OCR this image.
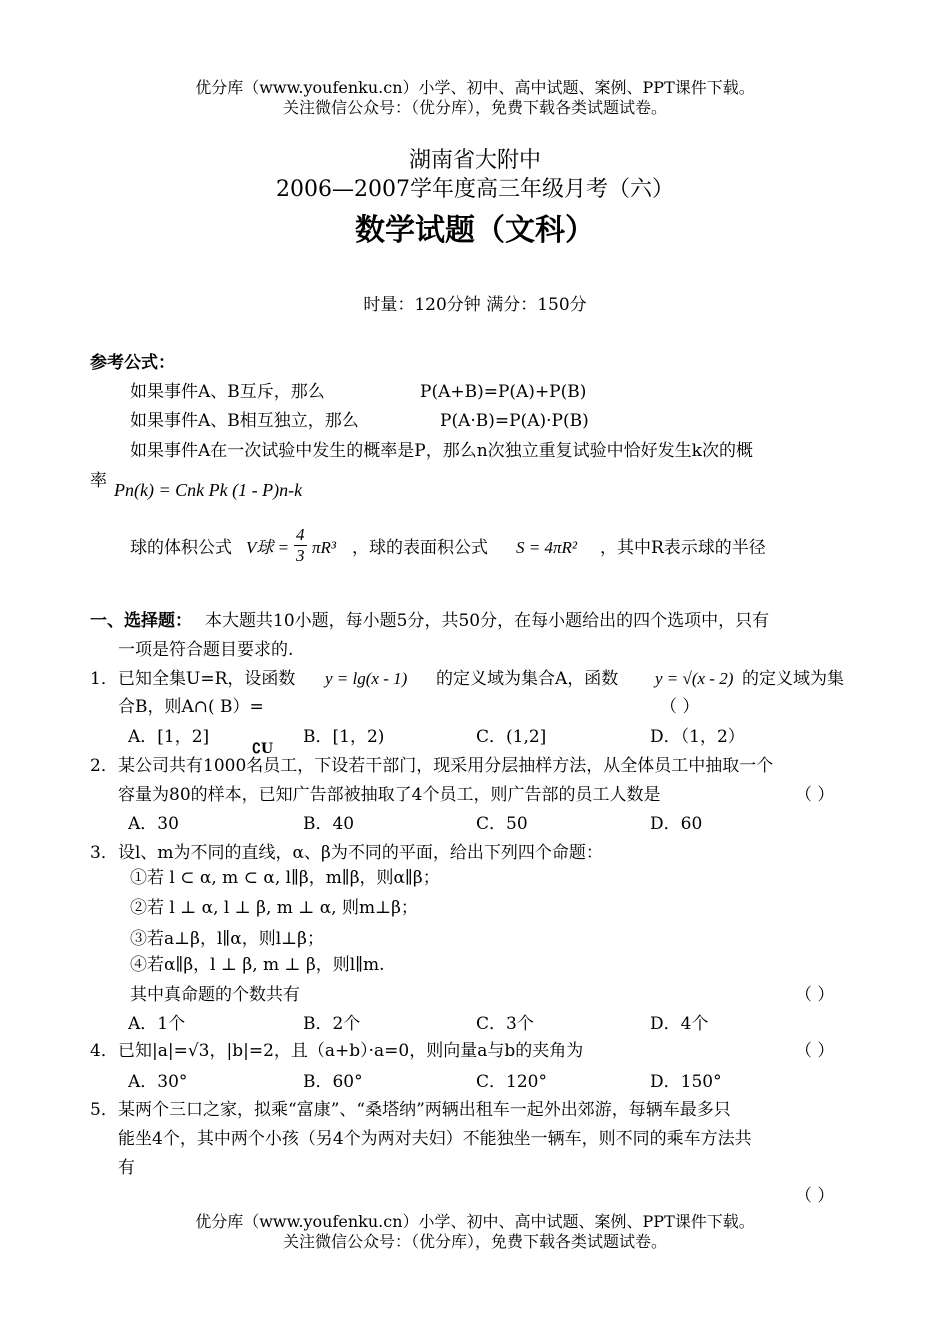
优分库（www.youfenku.cn）小学、初中、高中试题、案例、PPT课件下载。
关注微信公众号：（优分库），免费下载各类试题试卷。
湖南省大附中
2006—2007学年度高三年级月考（六）
数学试题（文科）
时量：120分钟 满分：150分
参考公式：
如果事件A、B互斥，那么	P(A+B)=P(A)+P(B)
如果事件A、B相互独立，那么	P(A·B)=P(A)·P(B)
如果事件A在一次试验中发生的概率是P，那么n次独立重复试验中恰好发生k次的概
率 Pn(k) = Cnk Pk (1 - P)n-k
球的体积公式 V球 = $\frac{4}{3} \pi R^3$ ，球的表面积公式 S = 4πR² ，其中R表示球的半径
一、选择题： 本大题共10小题，每小题5分，共50分，在每小题给出的四个选项中，只有
一项是符合题目要求的.
1． 已知全集U=R，设函数 y = lg(x - 1) 的定义域为集合A，函数 y = √(x - 2) 的定义域为集
合B，则A∩( B）=	（ ）
A．[1，2]	B．[1，2)	C．(1,2]	D．（1，2）
∁U
2． 某公司共有1000名员工，下设若干部门，现采用分层抽样方法，从全体员工中抽取一个
容量为80的样本，已知广告部被抽取了4个员工，则广告部的员工人数是	（ ）
A．30	B．40	C．50	D．60
3． 设l、m为不同的直线，α、β为不同的平面，给出下列四个命题：
①若 l ⊂ α, m ⊂ α, l∥β，m∥β，则α∥β；
②若 l ⊥ α, l ⊥ β, m ⊥ α, 则m⊥β；
③若a⊥β，l∥α，则l⊥β；
④若α∥β，l ⊥ β, m ⊥ β，则l∥m.
其中真命题的个数共有	（ ）
A．1个	B．2个	C．3个	D．4个
4． 已知|a|=√3，|b|=2，且（a+b）·a=0，则向量a与b的夹角为	（ ）
A．30°	B．60°	C．120°	D．150°
5． 某两个三口之家，拟乘“富康”、“桑塔纳”两辆出租车一起外出郊游，每辆车最多只
能坐4个，其中两个小孩（另4个为两对夫妇）不能独坐一辆车，则不同的乘车方法共
有
（ ）
优分库（www.youfenku.cn）小学、初中、高中试题、案例、PPT课件下载。
关注微信公众号：（优分库），免费下载各类试题试卷。
